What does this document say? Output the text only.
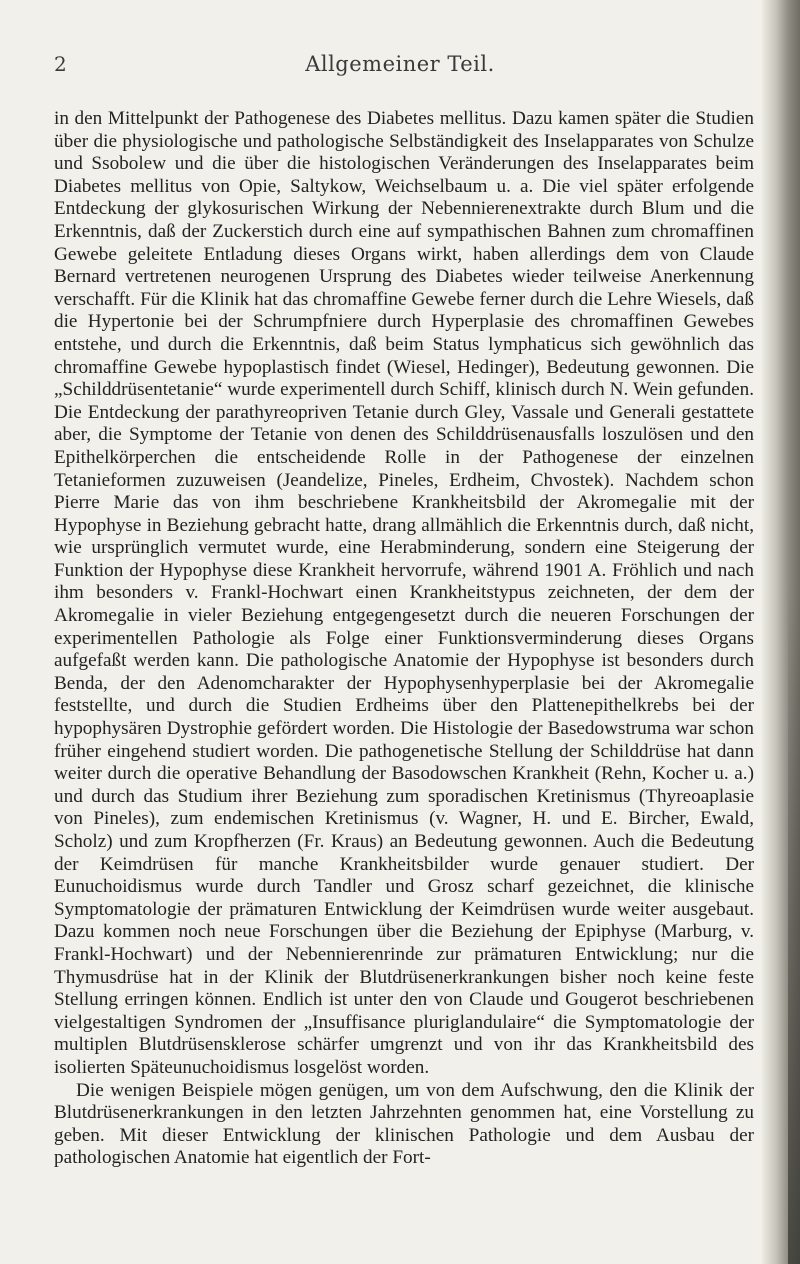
2	Allgemeiner Teil.

in den Mittelpunkt der Pathogenese des Diabetes mellitus. Dazu kamen später die Studien über die physiologische und pathologische Selbständigkeit des Inselapparates von Schulze und Ssobolew und die über die histologischen Veränderungen des Inselapparates beim Diabetes mellitus von Opie, Saltykow, Weichselbaum u. a. Die viel später erfolgende Entdeckung der glykosurischen Wirkung der Nebennierenextrakte durch Blum und die Erkenntnis, daß der Zuckerstich durch eine auf sympathischen Bahnen zum chromaffinen Gewebe geleitete Entladung dieses Organs wirkt, haben allerdings dem von Claude Bernard vertretenen neurogenen Ursprung des Diabetes wieder teilweise Anerkennung verschafft. Für die Klinik hat das chromaffine Gewebe ferner durch die Lehre Wiesels, daß die Hypertonie bei der Schrumpfniere durch Hyperplasie des chromaffinen Gewebes entstehe, und durch die Erkenntnis, daß beim Status lymphaticus sich gewöhnlich das chromaffine Gewebe hypoplastisch findet (Wiesel, Hedinger), Bedeutung gewonnen. Die „Schilddrüsentetanie“ wurde experimentell durch Schiff, klinisch durch N. Wein gefunden. Die Entdeckung der parathyreopriven Tetanie durch Gley, Vassale und Generali gestattete aber, die Symptome der Tetanie von denen des Schilddrüsenausfalls loszulösen und den Epithelkörperchen die entscheidende Rolle in der Pathogenese der einzelnen Tetanieformen zuzuweisen (Jeandelize, Pineles, Erdheim, Chvostek). Nachdem schon Pierre Marie das von ihm beschriebene Krankheitsbild der Akromegalie mit der Hypophyse in Beziehung gebracht hatte, drang allmählich die Erkenntnis durch, daß nicht, wie ursprünglich vermutet wurde, eine Herabminderung, sondern eine Steigerung der Funktion der Hypophyse diese Krankheit hervorrufe, während 1901 A. Fröhlich und nach ihm besonders v. Frankl-Hochwart einen Krankheitstypus zeichneten, der dem der Akromegalie in vieler Beziehung entgegengesetzt durch die neueren Forschungen der experimentellen Pathologie als Folge einer Funktionsverminderung dieses Organs aufgefaßt werden kann. Die pathologische Anatomie der Hypophyse ist besonders durch Benda, der den Adenomcharakter der Hypophysenhyperplasie bei der Akromegalie feststellte, und durch die Studien Erdheims über den Plattenepithelkrebs bei der hypophysären Dystrophie gefördert worden. Die Histologie der Basedowstruma war schon früher eingehend studiert worden. Die pathogenetische Stellung der Schilddrüse hat dann weiter durch die operative Behandlung der Basodowschen Krankheit (Rehn, Kocher u. a.) und durch das Studium ihrer Beziehung zum sporadischen Kretinismus (Thyreoaplasie von Pineles), zum endemischen Kretinismus (v. Wagner, H. und E. Bircher, Ewald, Scholz) und zum Kropfherzen (Fr. Kraus) an Bedeutung gewonnen. Auch die Bedeutung der Keimdrüsen für manche Krankheitsbilder wurde genauer studiert. Der Eunuchoidismus wurde durch Tandler und Grosz scharf gezeichnet, die klinische Symptomatologie der prämaturen Entwicklung der Keimdrüsen wurde weiter ausgebaut. Dazu kommen noch neue Forschungen über die Beziehung der Epiphyse (Marburg, v. Frankl-Hochwart) und der Nebennierenrinde zur prämaturen Entwicklung; nur die Thymusdrüse hat in der Klinik der Blutdrüsenerkrankungen bisher noch keine feste Stellung erringen können. Endlich ist unter den von Claude und Gougerot beschriebenen vielgestaltigen Syndromen der „Insuffisance pluriglandulaire“ die Symptomatologie der multiplen Blutdrüsensklerose schärfer umgrenzt und von ihr das Krankheitsbild des isolierten Späteunuchoidismus losgelöst worden.

Die wenigen Beispiele mögen genügen, um von dem Aufschwung, den die Klinik der Blutdrüsenerkrankungen in den letzten Jahrzehnten genommen hat, eine Vorstellung zu geben. Mit dieser Entwicklung der klinischen Pathologie und dem Ausbau der pathologischen Anatomie hat eigentlich der Fort-
